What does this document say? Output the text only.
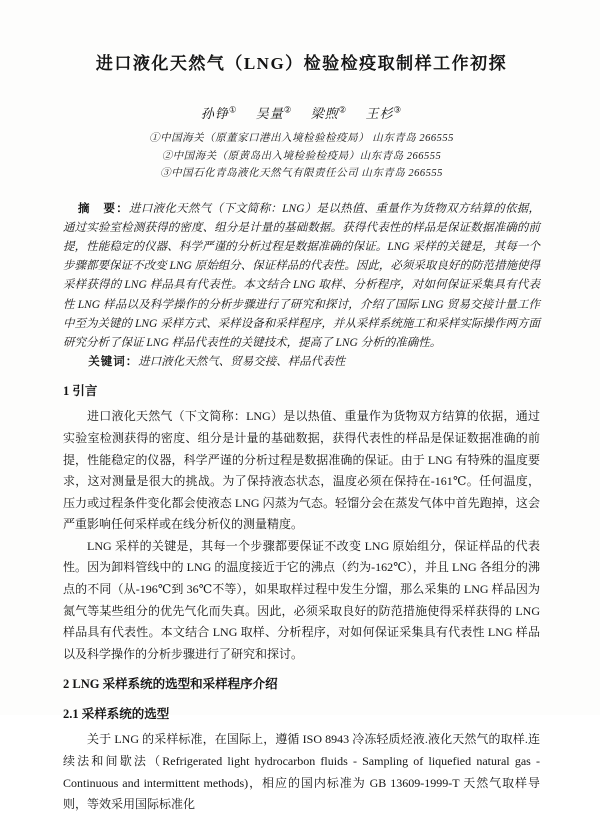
进口液化天然气（LNG）检验检疫取制样工作初探
孙铮① 吴量② 梁煦② 王杉③
①中国海关（原董家口港出入境检验检疫局） 山东青岛 266555
②中国海关（原黄岛出入境检验检疫局）山东青岛 266555
③中国石化青岛液化天然气有限责任公司 山东青岛 266555

摘　要：进口液化天然气（下文简称：LNG）是以热值、重量作为货物双方结算的依据，通过实验室检测获得的密度、组分是计量的基础数据。获得代表性的样品是保证数据准确的前提，性能稳定的仪器、科学严谨的分析过程是数据准确的保证。LNG 采样的关键是，其每一个步骤都要保证不改变 LNG 原始组分、保证样品的代表性。因此，必须采取良好的防范措施使得采样获得的 LNG 样品具有代表性。本文结合 LNG 取样、分析程序，对如何保证采集具有代表性 LNG 样品以及科学操作的分析步骤进行了研究和探讨，介绍了国际 LNG 贸易交接计量工作中至为关键的 LNG 采样方式、采样设备和采样程序，并从采样系统施工和采样实际操作两方面研究分析了保证 LNG 样品代表性的关键技术，提高了 LNG 分析的准确性。

关键词：进口液化天然气、贸易交接、样品代表性

1 引言

进口液化天然气（下文简称：LNG）是以热值、重量作为货物双方结算的依据，通过实验室检测获得的密度、组分是计量的基础数据，获得代表性的样品是保证数据准确的前提，性能稳定的仪器，科学严谨的分析过程是数据准确的保证。由于 LNG 有特殊的温度要求，这对测量是很大的挑战。为了保持液态状态，温度必须在保持在-161℃。任何温度，压力或过程条件变化都会使液态 LNG 闪蒸为气态。轻馏分会在蒸发气体中首先跑掉，这会严重影响任何采样或在线分析仪的测量精度。

LNG 采样的关键是，其每一个步骤都要保证不改变 LNG 原始组分，保证样品的代表性。因为卸料管线中的 LNG 的温度接近于它的沸点（约为-162℃），并且 LNG 各组分的沸点的不同（从-196℃到 36℃不等），如果取样过程中发生分馏，那么采集的 LNG 样品因为氮气等某些组分的优先气化而失真。因此，必须采取良好的防范措施使得采样获得的 LNG 样品具有代表性。本文结合 LNG 取样、分析程序，对如何保证采集具有代表性 LNG 样品以及科学操作的分析步骤进行了研究和探讨。

2 LNG 采样系统的选型和采样程序介绍
2.1 采样系统的选型

关于 LNG 的采样标准，在国际上，遵循 ISO 8943 冷冻轻质烃液.液化天然气的取样.连续法和间歇法（Refrigerated light hydrocarbon fluids - Sampling of liquefied natural gas - Continuous and intermittent methods)，相应的国内标准为 GB 13609-1999-T 天然气取样导则，等效采用国际标准化
